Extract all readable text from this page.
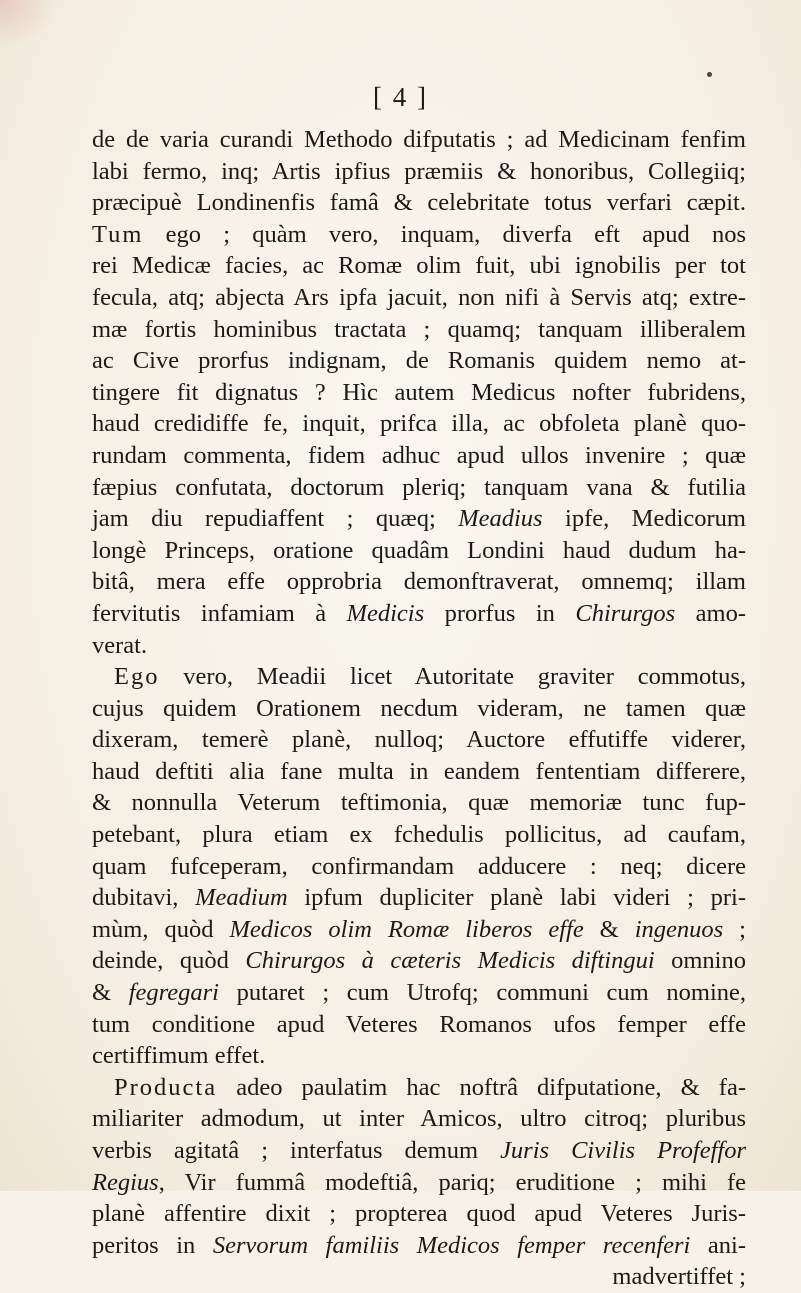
[ 4 ]
de de varia curandi Methodo difputatis ; ad Medicinam fenfim
labi fermo, inq; Artis ipfius præmiis & honoribus, Collegiiq;
præcipuè Londinenfis famâ & celebritate totus verfari cæpit.
Tum ego ; quàm vero, inquam, diverfa eft apud nos
rei Medicæ facies, ac Romæ olim fuit, ubi ignobilis per tot
fecula, atq; abjecta Ars ipfa jacuit, non nifi à Servis atq; extre-
mæ fortis hominibus tractata ; quamq; tanquam illiberalem
ac Cive prorfus indignam, de Romanis quidem nemo at-
tingere fit dignatus ? Hìc autem Medicus nofter fubridens,
haud credidiffe fe, inquit, prifca illa, ac obfoleta planè quo-
rundam commenta, fidem adhuc apud ullos invenire ; quæ
fæpius confutata, doctorum pleriq; tanquam vana & futilia
jam diu repudiaffent ; quæq; Meadius ipfe, Medicorum
longè Princeps, oratione quadâm Londini haud dudum ha-
bitâ, mera effe opprobria demonftraverat, omnemq; illam
fervitutis infamiam à Medicis prorfus in Chirurgos amo-
verat.
Ego vero, Meadii licet Autoritate graviter commotus,
cujus quidem Orationem necdum videram, ne tamen quæ
dixeram, temerè planè, nulloq; Auctore effutiffe viderer,
haud deftiti alia fane multa in eandem fententiam differere,
& nonnulla Veterum teftimonia, quæ memoriæ tunc fup-
petebant, plura etiam ex fchedulis pollicitus, ad caufam,
quam fufceperam, confirmandam adducere : neq; dicere
dubitavi, Meadium ipfum dupliciter planè labi videri ; pri-
mùm, quòd Medicos olim Romæ liberos effe & ingenuos ;
deinde, quòd Chirurgos à cæteris Medicis diftingui omnino
& fegregari putaret ; cum Utrofq; communi cum nomine,
tum conditione apud Veteres Romanos ufos femper effe
certiffimum effet.
Producta adeo paulatim hac noftrâ difputatione, & fa-
miliariter admodum, ut inter Amicos, ultro citroq; pluribus
verbis agitatâ ; interfatus demum Juris Civilis Profeffor
Regius, Vir fummâ modeftiâ, pariq; eruditione ; mihi fe
planè affentire dixit ; propterea quod apud Veteres Juris-
peritos in Servorum familiis Medicos femper recenferi ani-
madvertiffet ;
